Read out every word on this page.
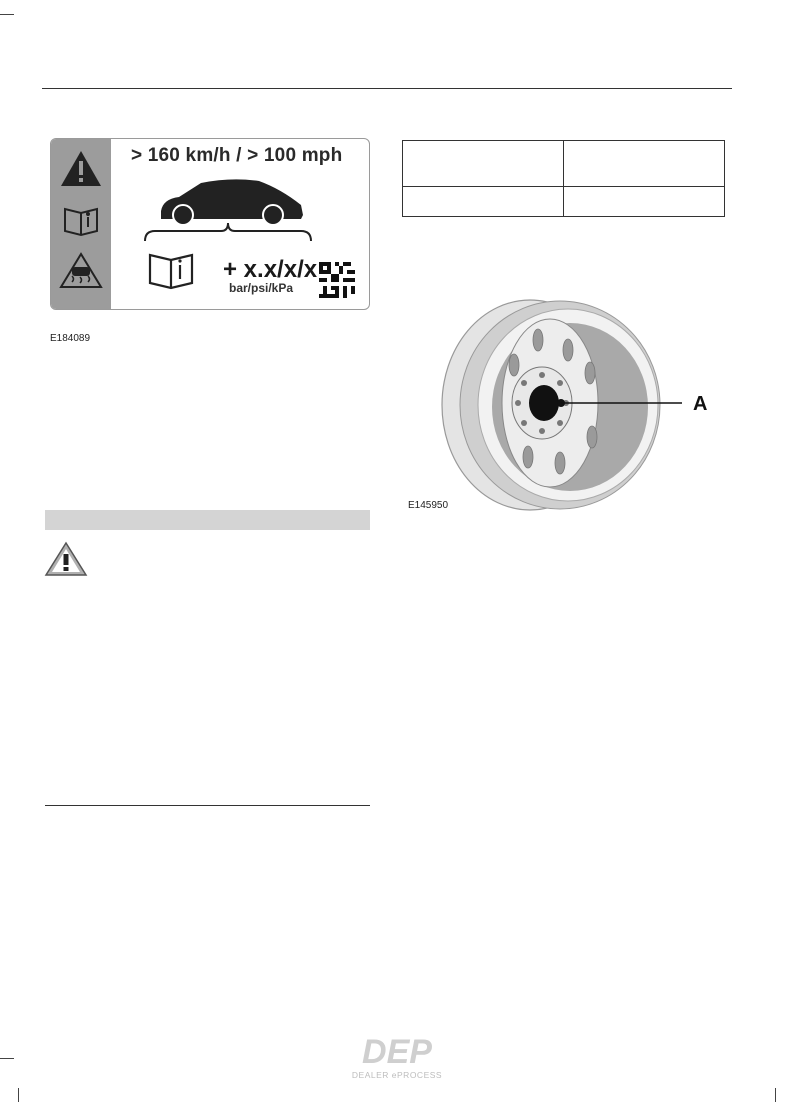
> 160 km/h / > 100 mph
+ x.x/x/x
bar/psi/kPa
E184089

A
E145950
DEP
DEALER ePROCESS
